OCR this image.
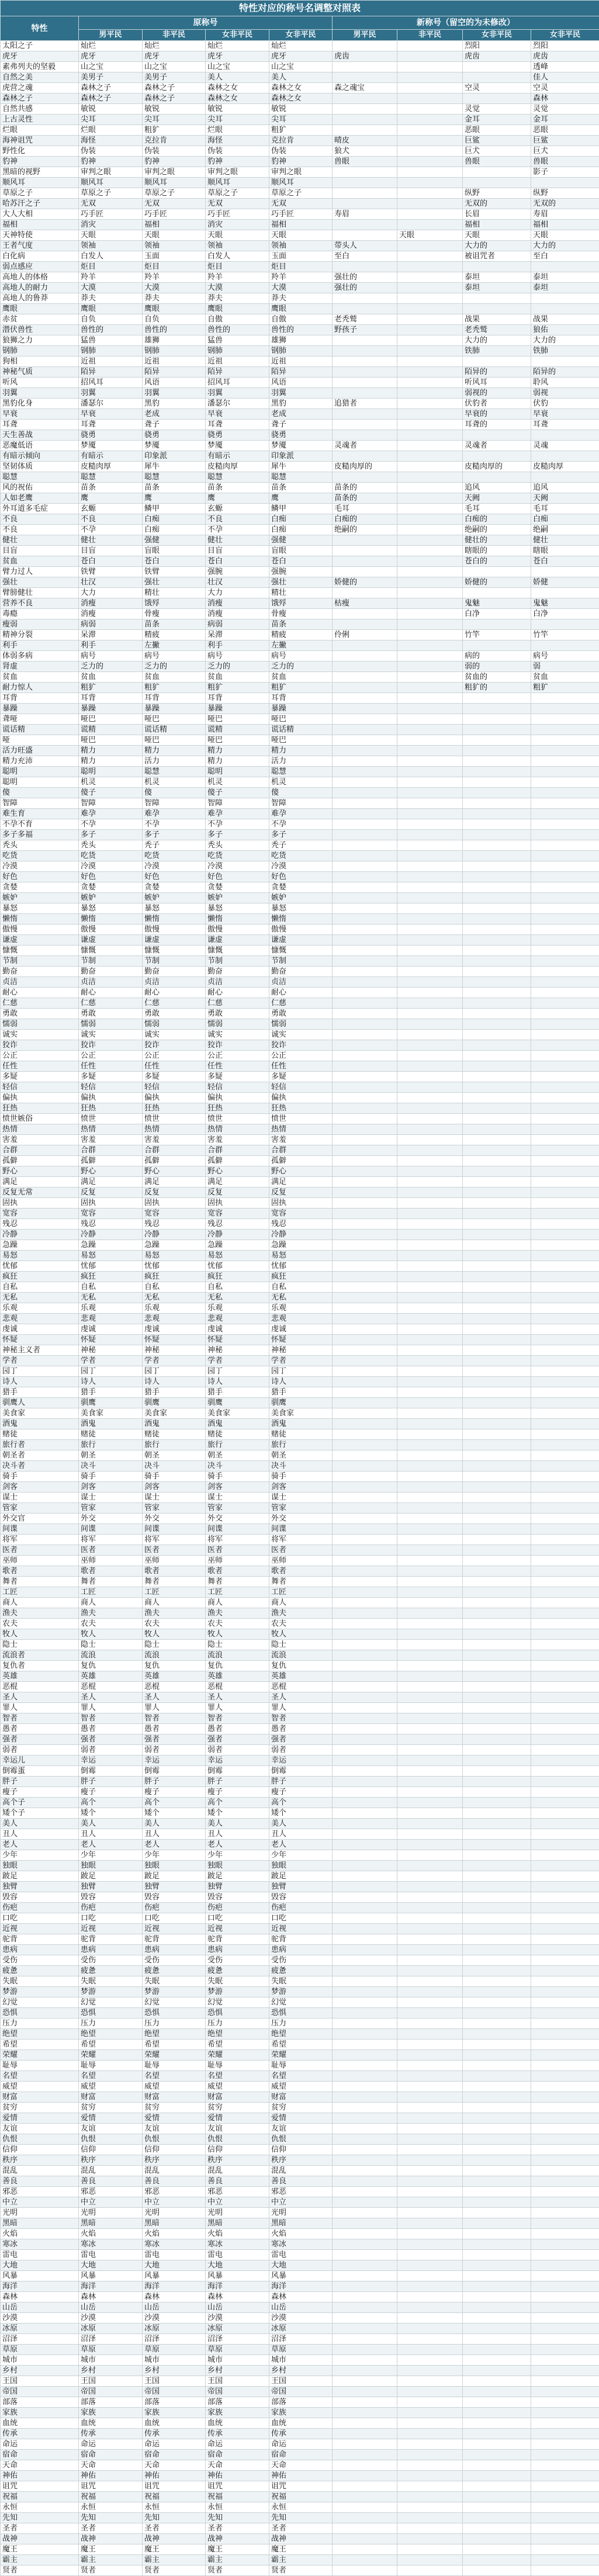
特性对应的称号名调整对照表								
特性	原称号				新称号（留空的为未修改）			
	男平民	非平民	女非平民	女非平民	男平民	非平民	女非平民	女非平民
太阳之子	灿烂	灿烂	灿烂	灿烂			烈阳	烈阳
虎牙	虎牙	虎牙	虎牙	虎牙	虎齿		虎齿	虎齿
素弗列夫的坚毅	山之宝	山之宝	山之宝	山之宝				透峰
自然之美	美男子	美男子	美人	美人				佳人
虎营之魂	森林之子	森林之子	森林之女	森林之女	森之魂宝		空灵	空灵
森林之子	森林之子	森林之子	森林之女	森林之女				森林
自然共感	敏锐	敏锐	敏锐	敏锐			灵觉	灵觉
上古灵性	尖耳	尖耳	尖耳	尖耳			金耳	金耳
烂眼	烂眼	粗犷	烂眼	粗犷			恶眼	恶眼
海神诅咒	海怪	克拉肯	海怪	克拉肯	晴皮		巨鲨	巨鲨
野性化	伪装	伪装	伪装	伪装	狼犬		巨犬	巨犬
豹神	豹神	豹神	豹神	豹神	兽眼		兽眼	兽眼
黑暗的视野	审判之眼	审判之眼	审判之眼	审判之眼				影子
顺风耳	顺风耳	顺风耳	顺风耳	顺风耳				
草原之子	草原之子	草原之子	草原之子	草原之子			纵野	纵野
哈苏汗之子	无双	无双	无双	无双			无双的	无双的
大人大相	巧手匠	巧手匠	巧手匠	巧手匠	寿眉		长眉	寿眉
福相	消灾	福相	消灾	福相			福相	福相
天神特使	天眼	天眼	天眼	天眼		天眼	天眼	天眼
王者气度	领袖	领袖	领袖	领袖	带头人		大力的	大力的
白化病	白发人	玉面	白发人	玉面	至白		被诅咒者	至白
弱点感应	炬目	炬目	炬目	炬目				
高地人的体格	羚羊	羚羊	羚羊	羚羊	强壮的		泰坦	泰坦
高地人的耐力	大漠	大漠	大漠	大漠	强壮的		泰坦	泰坦
高地人的鲁莽	莽夫	莽夫	莽夫	莽夫				
鹰眼	鹰眼	鹰眼	鹰眼	鹰眼				
赤贫	自负	自负	自傲	自傲	老秃鹫		战果	战果
潜伏兽性	兽性的	兽性的	兽性的	兽性的	野孩子		老秃鹫	狼佑
狼狮之力	猛兽	雄狮	猛兽	雄狮			大力的	大力的
钢肺	钢肺	钢肺	钢肺	钢肺			铁肺	铁肺
狗相	近祖	近祖	近祖	近祖				
神秘气质	陌异	陌异	陌异	陌异			陌异的	陌异的
听风	招风耳	风语	招风耳	风语			听风耳	聆风
羽翼	羽翼	羽翼	羽翼	羽翼			弱视的	弱视
黑豹化身	潘瑟尔	黑豹	潘瑟尔	黑豹	追猎者		伏豹者	伏豹
早衰	早衰	老成	早衰	老成			早衰的	早衰
耳聋	耳聋	聋子	耳聋	聋子			耳聋的	耳聋
天生善战	骁勇	骁勇	骁勇	骁勇				
恶魔低语	梦魇	梦魇	梦魇	梦魇	灵魂者		灵魂者	灵魂
有暗示倾向	有暗示	印象派	有暗示	印象派				
坚韧体质	皮糙肉厚	犀牛	皮糙肉厚	犀牛	皮糙肉厚的		皮糙肉厚的	皮糙肉厚
聪慧	聪慧	聪慧	聪慧	聪慧				
风的祝佑	苗条	苗条	苗条	苗条	苗条的		追风	追风
人如老鹰	鹰	鹰	鹰	鹰	苗条的		天阙	天阙
外耳道多毛症	玄螈	鳞甲	玄螈	鳞甲	毛耳		毛耳	毛耳
不良	不良	白痴	不良	白痴	白痴的		白痴的	白痴
不良	不孕	白痴	不孕	白痴	绝嗣的		绝嗣的	绝嗣
健壮	健壮	强健	健壮	强健			健壮的	健壮
目盲	目盲	盲眼	目盲	盲眼			瞎眼的	瞎眼
贫血	苍白	苍白	苍白	苍白			苍白的	苍白
臂力过人	铁臂	铁臂	强腕	强腕				
强壮	壮汉	强壮	壮汉	强壮	娇健的		娇健的	娇健
臂膀健壮	大力	精壮	大力	精壮				
营养不良	消瘦	饿殍	消瘦	饿殍	枯瘦		鬼魅	鬼魅
毒瘾	消瘦	骨瘦	消瘦	骨瘦			白净	白净
瘦弱	病弱	苗条	病弱	苗条				
精神分裂	呆滞	精疲	呆滞	精疲	伶俐		竹竿	竹竿
利手	利手	左撇	利手	左撇				
体弱多病	病号	病号	病号	病号			病的	病号
肾虚	乏力的	乏力的	乏力的	乏力的			弱的	弱
贫血	贫血	贫血	贫血	贫血			贫血的	贫血
耐力惊人	粗犷	粗犷	粗犷	粗犷			粗犷的	粗犷
耳背	耳背	耳背	耳背	耳背				
暴躁	暴躁	暴躁	暴躁	暴躁				
聋哑	哑巴	哑巴	哑巴	哑巴				
谎话精	谎精	谎话精	谎精	谎话精				
哑	哑巴	哑巴	哑巴	哑巴				
活力旺盛	精力	精力	精力	精力				
精力充沛	精力	活力	精力	活力				
聪明	聪明	聪慧	聪明	聪慧				
聪明	机灵	机灵	机灵	机灵				
傻	傻子	傻	傻子	傻				
智障	智障	智障	智障	智障				
难生育	难孕	难孕	难孕	难孕				
不孕不育	不孕	不孕	不孕	不孕				
多子多福	多子	多子	多子	多子				
秃头	秃头	秃子	秃头	秃子				
吃货	吃货	吃货	吃货	吃货				
冷漠	冷漠	冷漠	冷漠	冷漠				
好色	好色	好色	好色	好色				
贪婪	贪婪	贪婪	贪婪	贪婪				
嫉妒	嫉妒	嫉妒	嫉妒	嫉妒				
暴怒	暴怒	暴怒	暴怒	暴怒				
懒惰	懒惰	懒惰	懒惰	懒惰				
傲慢	傲慢	傲慢	傲慢	傲慢				
谦虚	谦虚	谦虚	谦虚	谦虚				
慷慨	慷慨	慷慨	慷慨	慷慨				
节制	节制	节制	节制	节制				
勤奋	勤奋	勤奋	勤奋	勤奋				
贞洁	贞洁	贞洁	贞洁	贞洁				
耐心	耐心	耐心	耐心	耐心				
仁慈	仁慈	仁慈	仁慈	仁慈				
勇敢	勇敢	勇敢	勇敢	勇敢				
懦弱	懦弱	懦弱	懦弱	懦弱				
诚实	诚实	诚实	诚实	诚实				
狡诈	狡诈	狡诈	狡诈	狡诈				
公正	公正	公正	公正	公正				
任性	任性	任性	任性	任性				
多疑	多疑	多疑	多疑	多疑				
轻信	轻信	轻信	轻信	轻信				
偏执	偏执	偏执	偏执	偏执				
狂热	狂热	狂热	狂热	狂热				
愤世嫉俗	愤世	愤世	愤世	愤世				
热情	热情	热情	热情	热情				
害羞	害羞	害羞	害羞	害羞				
合群	合群	合群	合群	合群				
孤僻	孤僻	孤僻	孤僻	孤僻				
野心	野心	野心	野心	野心				
满足	满足	满足	满足	满足				
反复无常	反复	反复	反复	反复				
固执	固执	固执	固执	固执				
宽容	宽容	宽容	宽容	宽容				
残忍	残忍	残忍	残忍	残忍				
冷静	冷静	冷静	冷静	冷静				
急躁	急躁	急躁	急躁	急躁				
易怒	易怒	易怒	易怒	易怒				
忧郁	忧郁	忧郁	忧郁	忧郁				
疯狂	疯狂	疯狂	疯狂	疯狂				
自私	自私	自私	自私	自私				
无私	无私	无私	无私	无私				
乐观	乐观	乐观	乐观	乐观				
悲观	悲观	悲观	悲观	悲观				
虔诚	虔诚	虔诚	虔诚	虔诚				
怀疑	怀疑	怀疑	怀疑	怀疑				
神秘主义者	神秘	神秘	神秘	神秘				
学者	学者	学者	学者	学者				
园丁	园丁	园丁	园丁	园丁				
诗人	诗人	诗人	诗人	诗人				
猎手	猎手	猎手	猎手	猎手				
驯鹰人	驯鹰	驯鹰	驯鹰	驯鹰				
美食家	美食家	美食家	美食家	美食家				
酒鬼	酒鬼	酒鬼	酒鬼	酒鬼				
赌徒	赌徒	赌徒	赌徒	赌徒				
旅行者	旅行	旅行	旅行	旅行				
朝圣者	朝圣	朝圣	朝圣	朝圣				
决斗者	决斗	决斗	决斗	决斗				
骑手	骑手	骑手	骑手	骑手				
剑客	剑客	剑客	剑客	剑客				
谋士	谋士	谋士	谋士	谋士				
管家	管家	管家	管家	管家				
外交官	外交	外交	外交	外交				
间谍	间谍	间谍	间谍	间谍				
将军	将军	将军	将军	将军				
医者	医者	医者	医者	医者				
巫师	巫师	巫师	巫师	巫师				
歌者	歌者	歌者	歌者	歌者				
舞者	舞者	舞者	舞者	舞者				
工匠	工匠	工匠	工匠	工匠				
商人	商人	商人	商人	商人				
渔夫	渔夫	渔夫	渔夫	渔夫				
农夫	农夫	农夫	农夫	农夫				
牧人	牧人	牧人	牧人	牧人				
隐士	隐士	隐士	隐士	隐士				
流浪者	流浪	流浪	流浪	流浪				
复仇者	复仇	复仇	复仇	复仇				
英雄	英雄	英雄	英雄	英雄				
恶棍	恶棍	恶棍	恶棍	恶棍				
圣人	圣人	圣人	圣人	圣人				
罪人	罪人	罪人	罪人	罪人				
智者	智者	智者	智者	智者				
愚者	愚者	愚者	愚者	愚者				
强者	强者	强者	强者	强者				
弱者	弱者	弱者	弱者	弱者				
幸运儿	幸运	幸运	幸运	幸运				
倒霉蛋	倒霉	倒霉	倒霉	倒霉				
胖子	胖子	胖子	胖子	胖子				
瘦子	瘦子	瘦子	瘦子	瘦子				
高个子	高个	高个	高个	高个				
矮个子	矮个	矮个	矮个	矮个				
美人	美人	美人	美人	美人				
丑人	丑人	丑人	丑人	丑人				
老人	老人	老人	老人	老人				
少年	少年	少年	少年	少年				
独眼	独眼	独眼	独眼	独眼				
跛足	跛足	跛足	跛足	跛足				
独臂	独臂	独臂	独臂	独臂				
毁容	毁容	毁容	毁容	毁容				
伤疤	伤疤	伤疤	伤疤	伤疤				
口吃	口吃	口吃	口吃	口吃				
近视	近视	近视	近视	近视				
驼背	驼背	驼背	驼背	驼背				
患病	患病	患病	患病	患病				
受伤	受伤	受伤	受伤	受伤				
疲惫	疲惫	疲惫	疲惫	疲惫				
失眠	失眠	失眠	失眠	失眠				
梦游	梦游	梦游	梦游	梦游				
幻觉	幻觉	幻觉	幻觉	幻觉				
恐惧	恐惧	恐惧	恐惧	恐惧				
压力	压力	压力	压力	压力				
绝望	绝望	绝望	绝望	绝望				
希望	希望	希望	希望	希望				
荣耀	荣耀	荣耀	荣耀	荣耀				
耻辱	耻辱	耻辱	耻辱	耻辱				
名望	名望	名望	名望	名望				
威望	威望	威望	威望	威望				
财富	财富	财富	财富	财富				
贫穷	贫穷	贫穷	贫穷	贫穷				
爱情	爱情	爱情	爱情	爱情				
友谊	友谊	友谊	友谊	友谊				
仇恨	仇恨	仇恨	仇恨	仇恨				
信仰	信仰	信仰	信仰	信仰				
秩序	秩序	秩序	秩序	秩序				
混乱	混乱	混乱	混乱	混乱				
善良	善良	善良	善良	善良				
邪恶	邪恶	邪恶	邪恶	邪恶				
中立	中立	中立	中立	中立				
光明	光明	光明	光明	光明				
黑暗	黑暗	黑暗	黑暗	黑暗				
火焰	火焰	火焰	火焰	火焰				
寒冰	寒冰	寒冰	寒冰	寒冰				
雷电	雷电	雷电	雷电	雷电				
大地	大地	大地	大地	大地				
风暴	风暴	风暴	风暴	风暴				
海洋	海洋	海洋	海洋	海洋				
森林	森林	森林	森林	森林				
山岳	山岳	山岳	山岳	山岳				
沙漠	沙漠	沙漠	沙漠	沙漠				
冰原	冰原	冰原	冰原	冰原				
沼泽	沼泽	沼泽	沼泽	沼泽				
草原	草原	草原	草原	草原				
城市	城市	城市	城市	城市				
乡村	乡村	乡村	乡村	乡村				
王国	王国	王国	王国	王国				
帝国	帝国	帝国	帝国	帝国				
部落	部落	部落	部落	部落				
家族	家族	家族	家族	家族				
血统	血统	血统	血统	血统				
传承	传承	传承	传承	传承				
命运	命运	命运	命运	命运				
宿命	宿命	宿命	宿命	宿命				
天命	天命	天命	天命	天命				
神佑	神佑	神佑	神佑	神佑				
诅咒	诅咒	诅咒	诅咒	诅咒				
祝福	祝福	祝福	祝福	祝福				
永恒	永恒	永恒	永恒	永恒				
先知	先知	先知	先知	先知				
圣者	圣者	圣者	圣者	圣者				
战神	战神	战神	战神	战神				
魔王	魔王	魔王	魔王	魔王				
霸主	霸主	霸主	霸主	霸主				
贤者	贤者	贤者	贤者	贤者				
